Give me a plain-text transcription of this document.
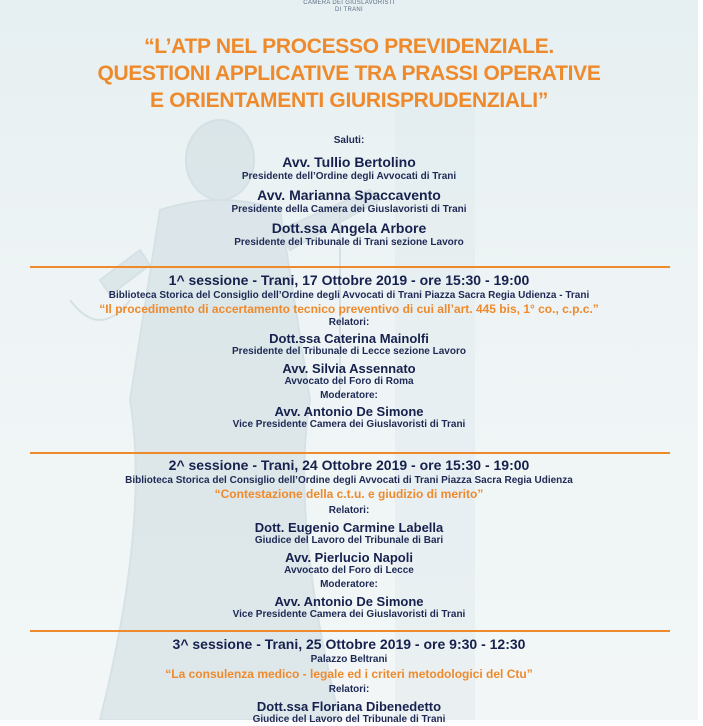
CAMERA DEI GIUSLAVORISTI
DI TRANI
“L’ATP NEL PROCESSO PREVIDENZIALE.
QUESTIONI APPLICATIVE TRA PRASSI OPERATIVE
E ORIENTAMENTI GIURISPRUDENZIALI”
Saluti:
Avv. Tullio Bertolino
Presidente dell’Ordine degli Avvocati di Trani
Avv. Marianna Spaccavento
Presidente della Camera dei Giuslavoristi di Trani
Dott.ssa Angela Arbore
Presidente del Tribunale di Trani sezione Lavoro
1^ sessione - Trani, 17 Ottobre 2019 - ore 15:30 - 19:00
Biblioteca Storica del Consiglio dell’Ordine degli Avvocati di Trani Piazza Sacra Regia Udienza - Trani
“Il procedimento di accertamento tecnico preventivo di cui all’art. 445 bis, 1° co., c.p.c.”
Relatori:
Dott.ssa Caterina Mainolfi
Presidente del Tribunale di Lecce sezione Lavoro
Avv. Silvia Assennato
Avvocato del Foro di Roma
Moderatore:
Avv. Antonio De Simone
Vice Presidente Camera dei Giuslavoristi di Trani
2^ sessione - Trani, 24 Ottobre 2019 - ore 15:30 - 19:00
Biblioteca Storica del Consiglio dell’Ordine degli Avvocati di Trani Piazza Sacra Regia Udienza
“Contestazione della c.t.u. e giudizio di merito”
Relatori:
Dott. Eugenio Carmine Labella
Giudice del Lavoro del Tribunale di Bari
Avv. Pierlucio Napoli
Avvocato del Foro di Lecce
Moderatore:
Avv. Antonio De Simone
Vice Presidente Camera dei Giuslavoristi di Trani
3^ sessione - Trani, 25 Ottobre 2019 - ore 9:30 - 12:30
Palazzo Beltrani
“La consulenza medico - legale ed i criteri metodologici del Ctu”
Relatori:
Dott.ssa Floriana Dibenedetto
Giudice del Lavoro del Tribunale di Trani
